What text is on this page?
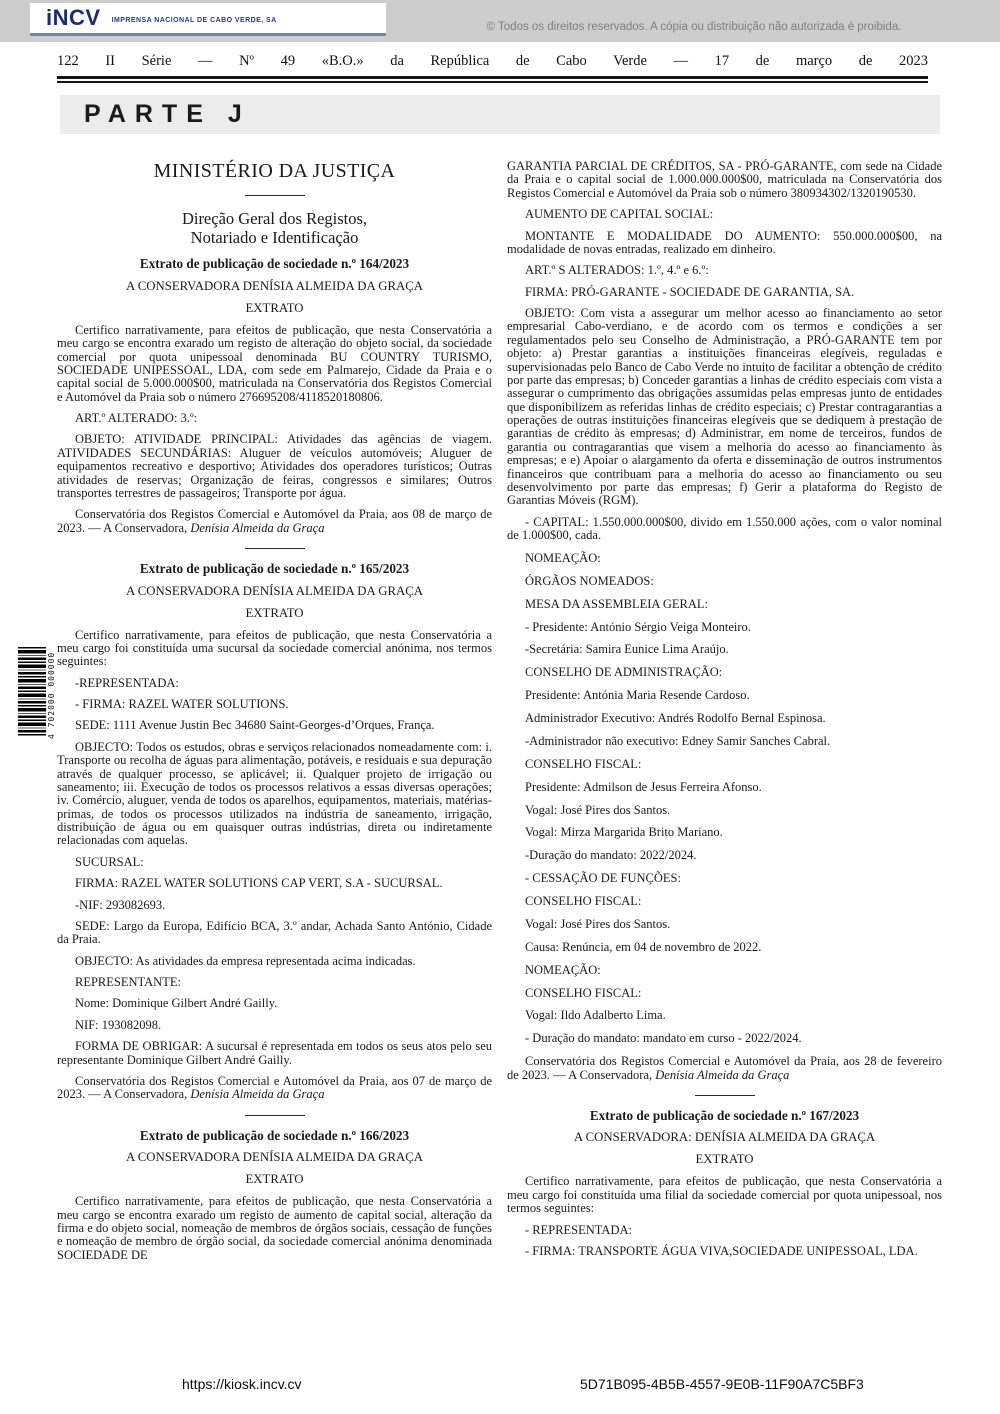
iNCV IMPRENSA NACIONAL DE CABO VERDE, SA
© Todos os direitos reservados. A cópia ou distribuição não autorizada é proibida.
122 II Série — Nº 49 «B.O.» da República de Cabo Verde — 17 de março de 2023
PARTE J
MINISTÉRIO DA JUSTIÇA
Direção Geral dos Registos,
Notariado e Identificação
Extrato de publicação de sociedade n.º 164/2023
A CONSERVADORA DENÍSIA ALMEIDA DA GRAÇA
EXTRATO

Certifico narrativamente, para efeitos de publicação, que nesta Conservatória a meu cargo se encontra exarado um registo de alteração do objeto social, da sociedade comercial por quota unipessoal denominada BU COUNTRY TURISMO, SOCIEDADE UNIPESSOAL, LDA, com sede em Palmarejo, Cidade da Praia e o capital social de 5.000.000$00, matriculada na Conservatória dos Registos Comercial e Automóvel da Praia sob o número 276695208/4118520180806.

ART.º ALTERADO: 3.º:

OBJETO: ATIVIDADE PRINCIPAL: Atividades das agências de viagem. ATIVIDADES SECUNDÁRIAS: Aluguer de veículos automóveis; Aluguer de equipamentos recreativo e desportivo; Atividades dos operadores turísticos; Outras atividades de reservas; Organização de feiras, congressos e similares; Outros transportes terrestres de passageiros; Transporte por água.

Conservatória dos Registos Comercial e Automóvel da Praia, aos 08 de março de 2023. — A Conservadora, Denísia Almeida da Graça

Extrato de publicação de sociedade n.º 165/2023
A CONSERVADORA DENÍSIA ALMEIDA DA GRAÇA
EXTRATO

Certifico narrativamente, para efeitos de publicação, que nesta Conservatória a meu cargo foi constituída uma sucursal da sociedade comercial anónima, nos termos seguintes:

-REPRESENTADA:

- FIRMA: RAZEL WATER SOLUTIONS.

SEDE: 1111 Avenue Justin Bec 34680 Saint-Georges-d’Orques, França.

OBJECTO: Todos os estudos, obras e serviços relacionados nomeadamente com: i. Transporte ou recolha de águas para alimentação, potáveis, e residuais e sua depuração através de qualquer processo, se aplicável; ii. Qualquer projeto de irrigação ou saneamento; iii. Execução de todos os processos relativos a essas diversas operações; iv. Comércio, aluguer, venda de todos os aparelhos, equipamentos, materiais, matérias-primas, de todos os processos utilizados na indústria de saneamento, irrigação, distribuição de água ou em quaisquer outras indústrias, direta ou indiretamente relacionadas com aquelas.

SUCURSAL:

FIRMA: RAZEL WATER SOLUTIONS CAP VERT, S.A - SUCURSAL.

-NIF: 293082693.

SEDE: Largo da Europa, Edifício BCA, 3.º andar, Achada Santo António, Cidade da Praia.

OBJECTO: As atividades da empresa representada acima indicadas.

REPRESENTANTE:

Nome: Dominique Gilbert André Gailly.

NIF: 193082098.

FORMA DE OBRIGAR: A sucursal é representada em todos os seus atos pelo seu representante Dominique Gilbert André Gailly.

Conservatória dos Registos Comercial e Automóvel da Praia, aos 07 de março de 2023. — A Conservadora, Denísia Almeida da Graça

Extrato de publicação de sociedade n.º 166/2023
A CONSERVADORA DENÍSIA ALMEIDA DA GRAÇA
EXTRATO

Certifico narrativamente, para efeitos de publicação, que nesta Conservatória a meu cargo se encontra exarado um registo de aumento de capital social, alteração da firma e do objeto social, nomeação de membros de órgãos sociais, cessação de funções e nomeação de membro de órgão social, da sociedade comercial anónima denominada SOCIEDADE DE

GARANTIA PARCIAL DE CRÉDITOS, SA - PRÓ-GARANTE, com sede na Cidade da Praia e o capital social de 1.000.000.000$00, matriculada na Conservatória dos Registos Comercial e Automóvel da Praia sob o número 380934302/1320190530.

AUMENTO DE CAPITAL SOCIAL:

MONTANTE E MODALIDADE DO AUMENTO: 550.000.000$00, na modalidade de novas entradas, realizado em dinheiro.

ART.º S ALTERADOS: 1.º, 4.º e 6.º:

FIRMA: PRÓ-GARANTE - SOCIEDADE DE GARANTIA, SA.

OBJETO: Com vista a assegurar um melhor acesso ao financiamento ao setor empresarial Cabo-verdiano, e de acordo com os termos e condições a ser regulamentados pelo seu Conselho de Administração, a PRÓ-GARANTE tem por objeto: a) Prestar garantias a instituições financeiras elegíveis, reguladas e supervisionadas pelo Banco de Cabo Verde no intuito de facilitar a obtenção de crédito por parte das empresas; b) Conceder garantias a linhas de crédito especiais com vista a assegurar o cumprimento das obrigações assumidas pelas empresas junto de entidades que disponibilizem as referidas linhas de crédito especiais; c) Prestar contragarantias a operações de outras instituições financeiras elegíveis que se dediquem à prestação de garantias de crédito às empresas; d) Administrar, em nome de terceiros, fundos de garantia ou contragarantias que visem a melhoria do acesso ao financiamento às empresas; e e) Apoiar o alargamento da oferta e disseminação de outros instrumentos financeiros que contribuam para a melhoria do acesso ao financiamento ou seu desenvolvimento por parte das empresas; f) Gerir a plataforma do Registo de Garantias Móveis (RGM).

- CAPITAL: 1.550.000.000$00, divido em 1.550.000 ações, com o valor nominal de 1.000$00, cada.

NOMEAÇÃO:

ÓRGÃOS NOMEADOS:

MESA DA ASSEMBLEIA GERAL:

- Presidente: António Sérgio Veiga Monteiro.

-Secretária: Samira Eunice Lima Araújo.

CONSELHO DE ADMINISTRAÇÃO:

Presidente: Antónia Maria Resende Cardoso.

Administrador Executivo: Andrés Rodolfo Bernal Espinosa.

-Administrador não executivo: Edney Samir Sanches Cabral.

CONSELHO FISCAL:

Presidente: Admilson de Jesus Ferreira Afonso.

Vogal: José Pires dos Santos.

Vogal: Mirza Margarida Brito Mariano.

-Duração do mandato: 2022/2024.

- CESSAÇÃO DE FUNÇÕES:

CONSELHO FISCAL:

Vogal: José Pires dos Santos.

Causa: Renúncia, em 04 de novembro de 2022.

NOMEAÇÃO:

CONSELHO FISCAL:

Vogal: Ildo Adalberto Lima.

- Duração do mandato: mandato em curso - 2022/2024.

Conservatória dos Registos Comercial e Automóvel da Praia, aos 28 de fevereiro de 2023. — A Conservadora, Denísia Almeida da Graça

Extrato de publicação de sociedade n.º 167/2023
A CONSERVADORA: DENÍSIA ALMEIDA DA GRAÇA
EXTRATO

Certifico narrativamente, para efeitos de publicação, que nesta Conservatória a meu cargo foi constituída uma filial da sociedade comercial por quota unipessoal, nos termos seguintes:

- REPRESENTADA:

- FIRMA: TRANSPORTE ÁGUA VIVA,SOCIEDADE UNIPESSOAL, LDA.

4 702000 000000
https://kiosk.incv.cv	5D71B095-4B5B-4557-9E0B-11F90A7C5BF3
